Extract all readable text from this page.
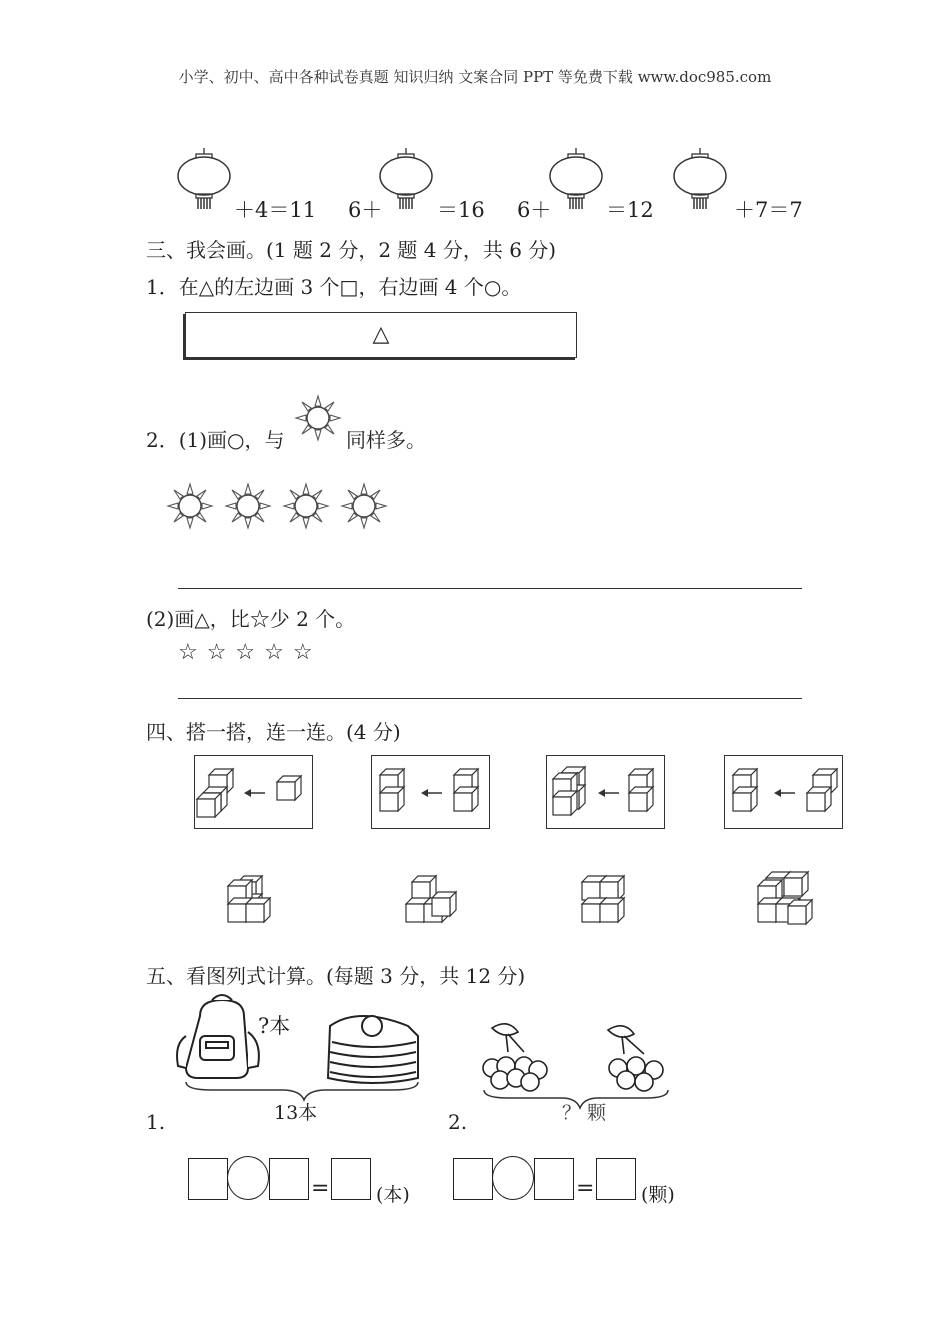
小学、初中、高中各种试卷真题 知识归纳 文案合同 PPT 等免费下载 www.doc985.com
＋4＝11 6＋	＝16 6＋	＝12	＋7＝7
三、我会画。(1 题 2 分，2 题 4 分，共 6 分)
1．在△的左边画 3 个□，右边画 4 个○。
△
2．(1)画○，与	同样多。
(2)画△，比☆少 2 个。
☆ ☆ ☆ ☆ ☆
四、搭一搭，连一连。(4 分)
五、看图列式计算。(每题 3 分，共 12 分)
?本
13本
1.	？ 颗
2.
= (本)	= (颗)
